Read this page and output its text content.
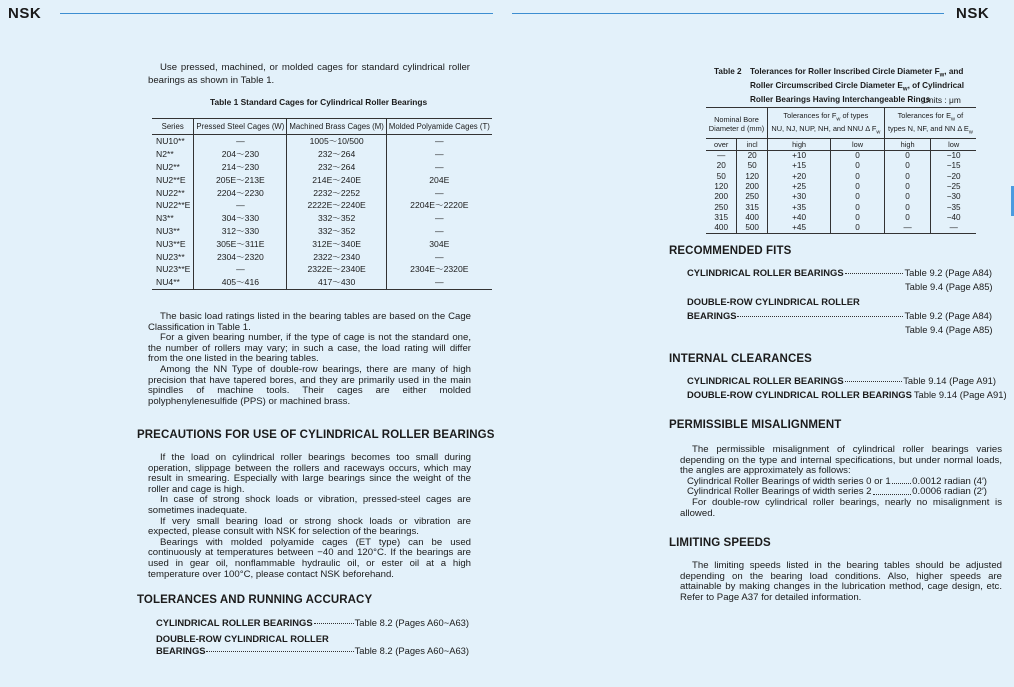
NSK	NSK
Use pressed, machined, or molded cages for standard cylindrical roller bearings as shown in Table 1.
Table 1 Standard Cages for Cylindrical Roller Bearings
Series	Pressed Steel Cages (W)	Machined Brass Cages (M)	Molded Polyamide Cages (T)
NU10**	—	1005〜10/500	—
N2**	204〜230	232〜264	—
NU2**	214〜230	232〜264	—
NU2**E	205E〜213E	214E〜240E	204E
NU22**	2204〜2230	2232〜2252	—
NU22**E	—	2222E〜2240E	2204E〜2220E
N3**	304〜330	332〜352	—
NU3**	312〜330	332〜352	—
NU3**E	305E〜311E	312E〜340E	304E
NU23**	2304〜2320	2322〜2340	—
NU23**E	—	2322E〜2340E	2304E〜2320E
NU4**	405〜416	417〜430	—

The basic load ratings listed in the bearing tables are based on the Cage Classification in Table 1.

For a given bearing number, if the type of cage is not the standard one, the number of rollers may vary; in such a case, the load rating will differ from the one listed in the bearing tables.

Among the NN Type of double-row bearings, there are many of high precision that have tapered bores, and they are primarily used in the main spindles of machine tools. Their cages are either molded polyphenylenesulfide (PPS) or machined brass.

PRECAUTIONS FOR USE OF CYLINDRICAL ROLLER BEARINGS

If the load on cylindrical roller bearings becomes too small during operation, slippage between the rollers and raceways occurs, which may result in smearing. Especially with large bearings since the weight of the roller and cage is high.

In case of strong shock loads or vibration, pressed-steel cages are sometimes inadequate.

If very small bearing load or strong shock loads or vibration are expected, please consult with NSK for selection of the bearings.

Bearings with molded polyamide cages (ET type) can be used continuously at temperatures between −40 and 120°C. If the bearings are used in gear oil, nonflammable hydraulic oil, or ester oil at a high temperature over 100°C, please contact NSK beforehand.

TOLERANCES AND RUNNING ACCURACY
CYLINDRICAL ROLLER BEARINGS	Table 8.2 (Pages A60~A63)
DOUBLE-ROW CYLINDRICAL ROLLER
BEARINGS	Table 8.2 (Pages A60~A63)
Table 2	Tolerances for Roller Inscribed Circle Diameter $F_w$, and
Roller Circumscribed Circle Diameter $E_w$, of Cylindrical
Roller Bearings Having Interchangeable Rings
Units : μm
Nominal Bore
Diameter d (mm)		Tolerances for $F_w$ of types
NU, NJ, NUP, NH, and NNU Δ $F_w$		Tolerances for $E_w$ of
types N, NF, and NN Δ $E_w$
over	incl	high	low	high	low
—	20	+10	0	0	−10
20	50	+15	0	0	−15
50	120	+20	0	0	−20
120	200	+25	0	0	−25
200	250	+30	0	0	−30
250	315	+35	0	0	−35
315	400	+40	0	0	−40
400	500	+45	0	—	—
RECOMMENDED FITS
CYLINDRICAL ROLLER BEARINGS	Table 9.2 (Page A84)
Table 9.4 (Page A85)
DOUBLE-ROW CYLINDRICAL ROLLER
BEARINGS	Table 9.2 (Page A84)
Table 9.4 (Page A85)
INTERNAL CLEARANCES
CYLINDRICAL ROLLER BEARINGS	Table 9.14 (Page A91)
DOUBLE-ROW CYLINDRICAL ROLLER BEARINGS Table 9.14 (Page A91)
PERMISSIBLE MISALIGNMENT

The permissible misalignment of cylindrical roller bearings varies depending on the type and internal specifications, but under normal loads, the angles are approximately as follows:

Cylindrical Roller Bearings of width series 0 or 1 0.0012 radian (4′)
Cylindrical Roller Bearings of width series 2	0.0006 radian (2′)

For double-row cylindrical roller bearings, nearly no misalignment is allowed.

LIMITING SPEEDS
The limiting speeds listed in the bearing tables should be adjusted depending on the bearing load conditions. Also, higher speeds are attainable by making changes in the lubrication method, cage design, etc. Refer to Page A37 for detailed information.
